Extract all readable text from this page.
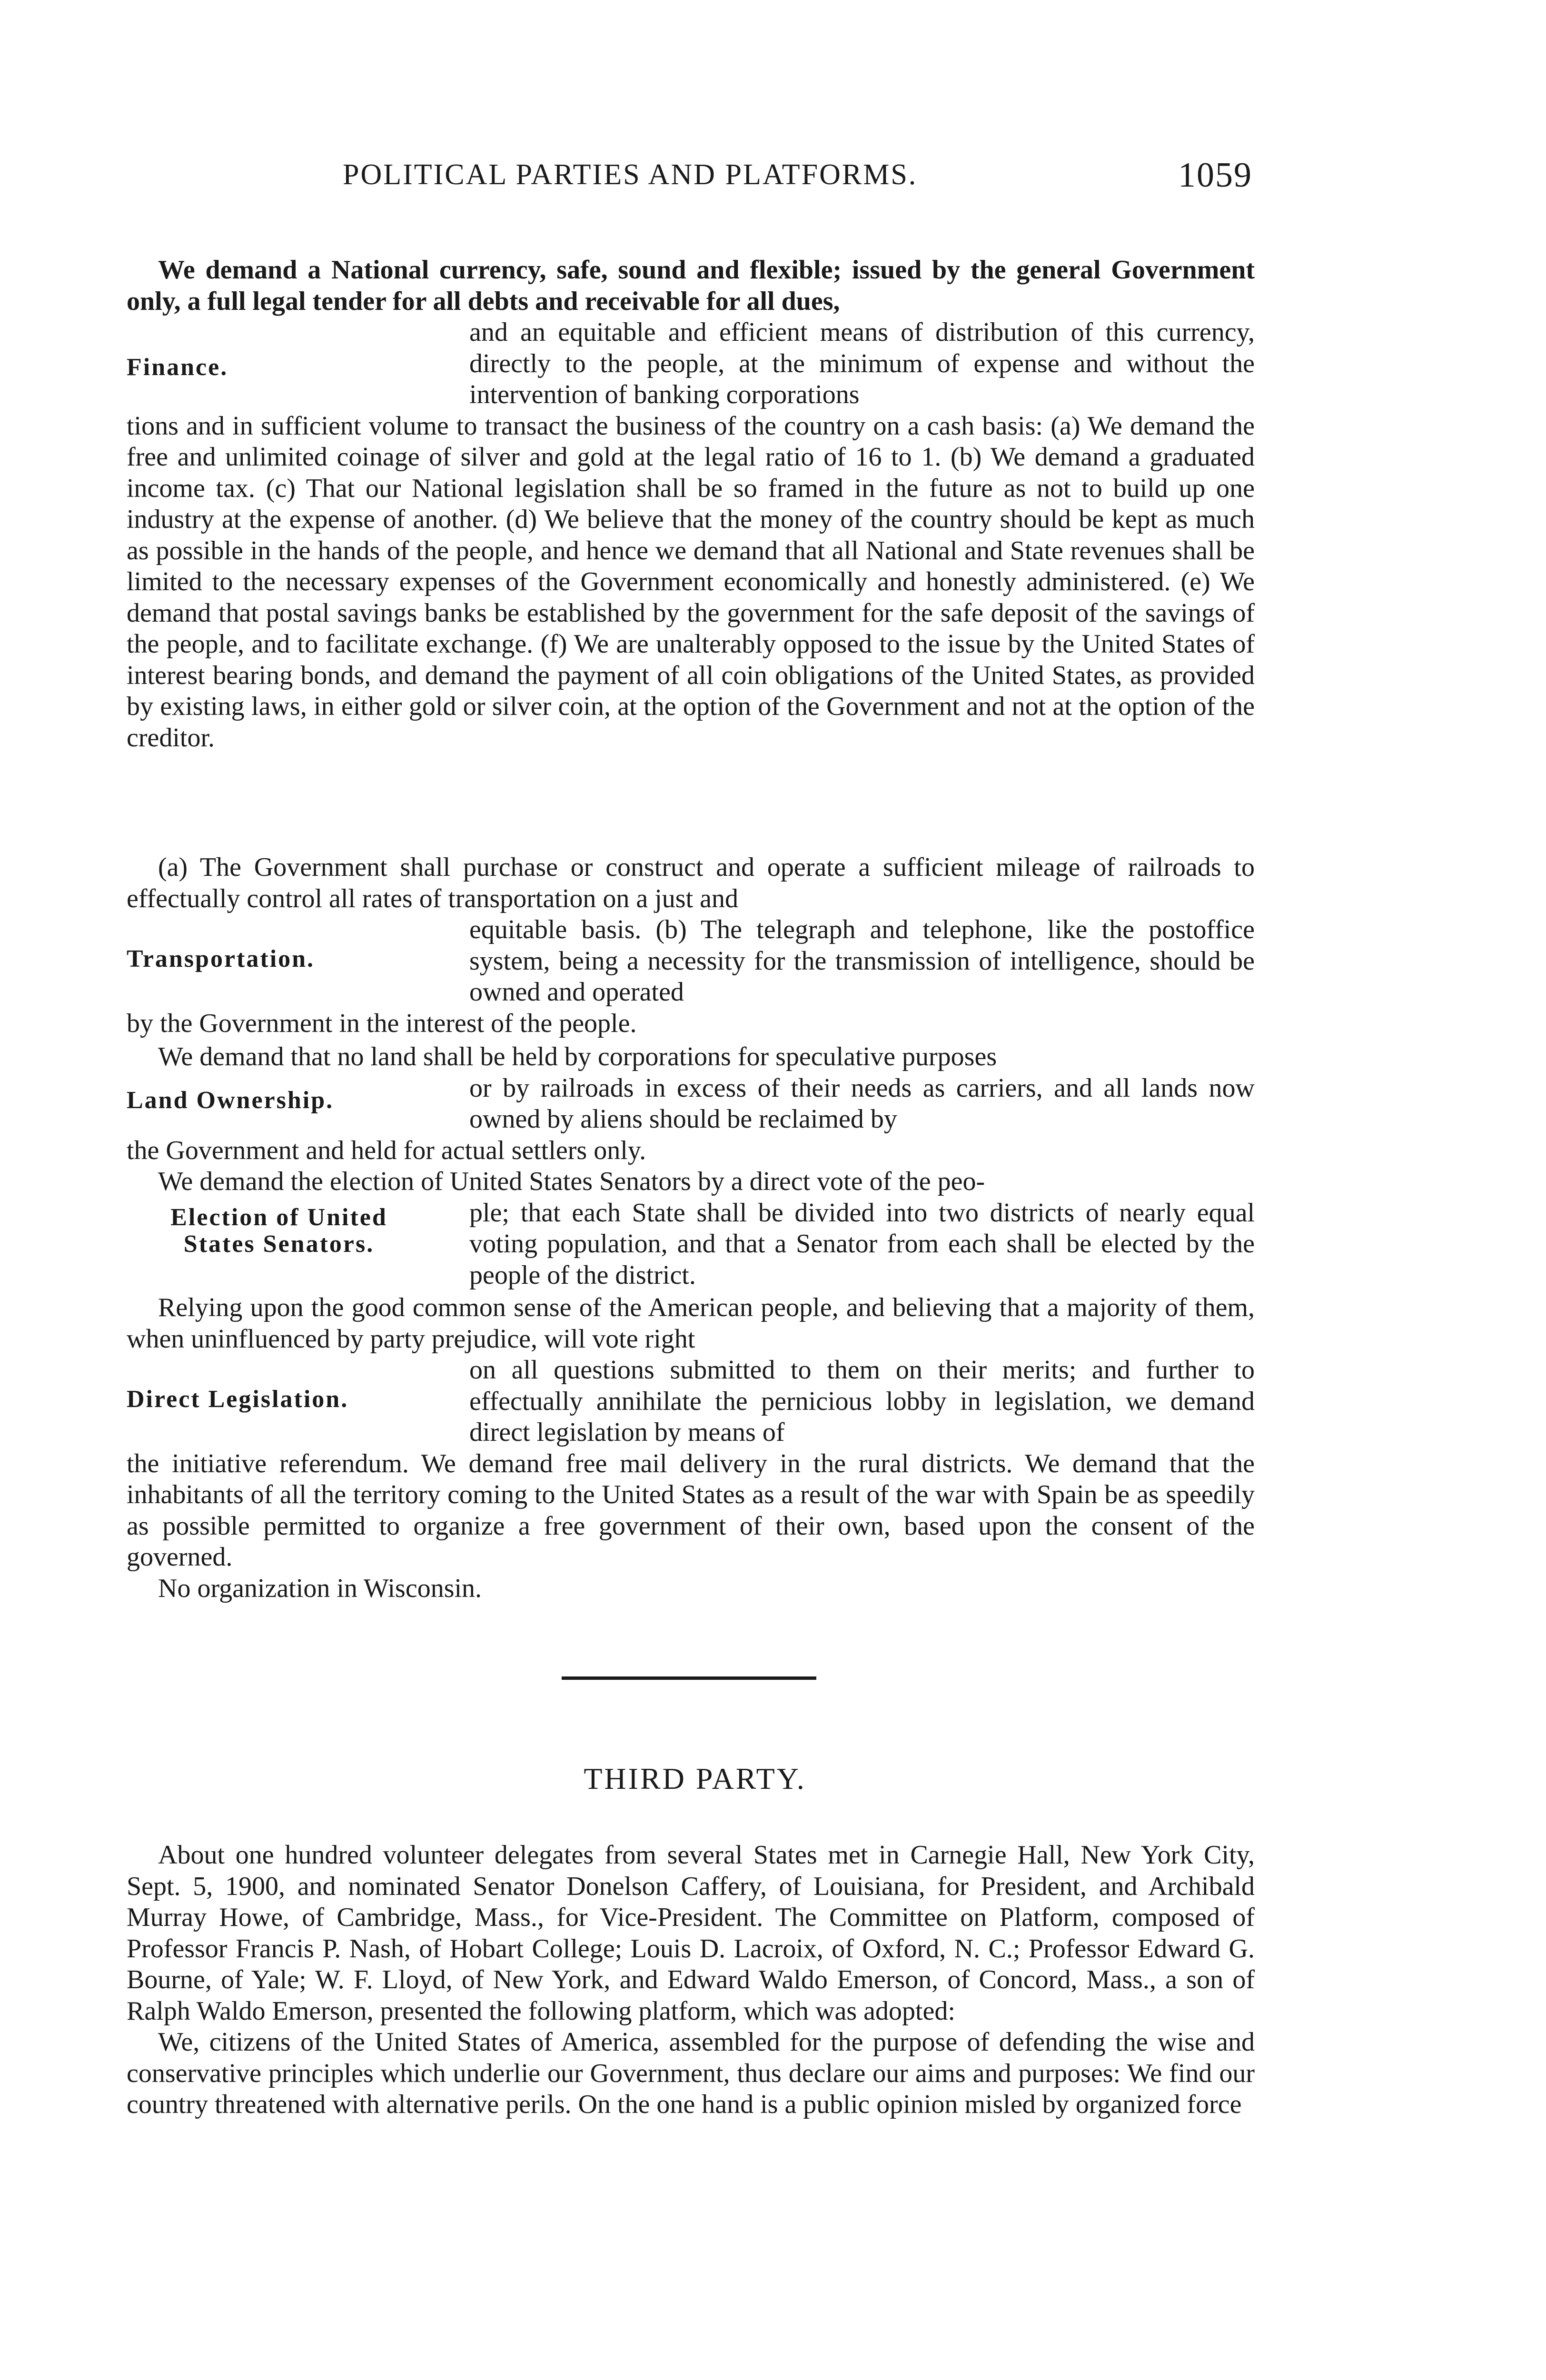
POLITICAL PARTIES AND PLATFORMS.	1059

We demand a National currency, safe, sound and flexible; issued by the general Government only, a full legal tender for all debts and receivable for all dues,

Finance.

and an equitable and efficient means of distribution of this currency, directly to the people, at the minimum of expense and without the intervention of banking corporations

tions and in sufficient volume to transact the business of the country on a cash basis: (a) We demand the free and unlimited coinage of silver and gold at the legal ratio of 16 to 1. (b) We demand a graduated income tax. (c) That our National legislation shall be so framed in the future as not to build up one industry at the expense of another. (d) We believe that the money of the country should be kept as much as possible in the hands of the people, and hence we demand that all National and State revenues shall be limited to the necessary expenses of the Government economically and honestly administered. (e) We demand that postal savings banks be established by the government for the safe deposit of the savings of the people, and to facilitate exchange. (f) We are unalterably opposed to the issue by the United States of interest bearing bonds, and demand the payment of all coin obligations of the United States, as provided by existing laws, in either gold or silver coin, at the option of the Government and not at the option of the creditor.

(a) The Government shall purchase or construct and operate a sufficient mileage of railroads to effectually control all rates of transportation on a just and

Transportation.

equitable basis. (b) The telegraph and telephone, like the postoffice system, being a necessity for the transmission of intelligence, should be owned and operated

by the Government in the interest of the people.

We demand that no land shall be held by corporations for speculative purposes

Land Ownership.	or by railroads in excess of their needs as carriers, and all lands now owned by aliens should be reclaimed by

the Government and held for actual settlers only.

We demand the election of United States Senators by a direct vote of the peo-

Election of United
States Senators.

ple; that each State shall be divided into two districts of nearly equal voting population, and that a Senator from each shall be elected by the people of the district.

Relying upon the good common sense of the American people, and believing that a majority of them, when uninfluenced by party prejudice, will vote right

Direct Legislation.

on all questions submitted to them on their merits; and further to effectually annihilate the pernicious lobby in legislation, we demand direct legislation by means of

the initiative referendum. We demand free mail delivery in the rural districts. We demand that the inhabitants of all the territory coming to the United States as a result of the war with Spain be as speedily as possible permitted to organize a free government of their own, based upon the consent of the governed.

No organization in Wisconsin.

THIRD PARTY.

About one hundred volunteer delegates from several States met in Carnegie Hall, New York City, Sept. 5, 1900, and nominated Senator Donelson Caffery, of Louisiana, for President, and Archibald Murray Howe, of Cambridge, Mass., for Vice-President. The Committee on Platform, composed of Professor Francis P. Nash, of Hobart College; Louis D. Lacroix, of Oxford, N. C.; Professor Edward G. Bourne, of Yale; W. F. Lloyd, of New York, and Edward Waldo Emerson, of Concord, Mass., a son of Ralph Waldo Emerson, presented the following platform, which was adopted:

We, citizens of the United States of America, assembled for the purpose of defending the wise and conservative principles which underlie our Government, thus declare our aims and purposes: We find our country threatened with alternative perils. On the one hand is a public opinion misled by organized force
